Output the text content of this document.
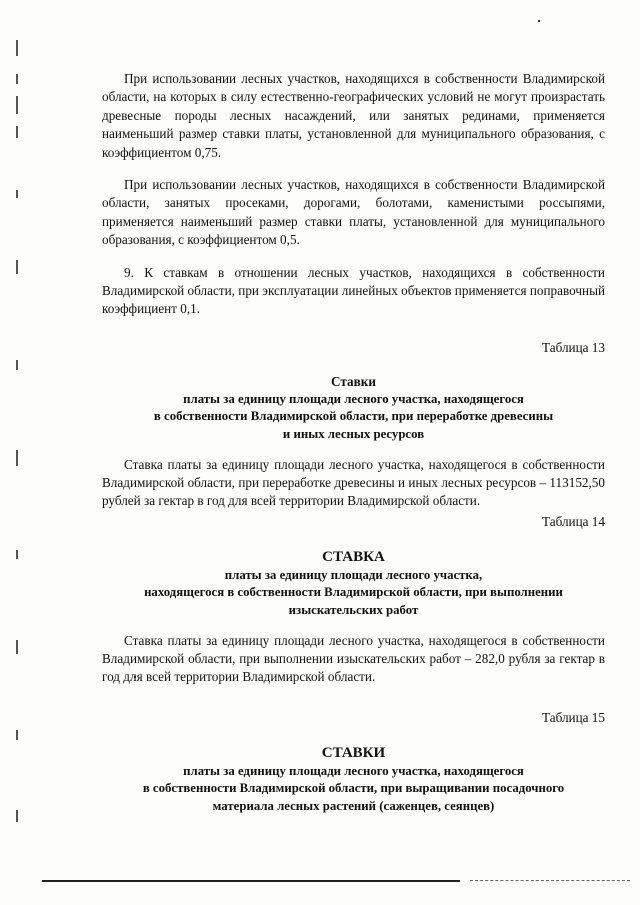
При использовании лесных участков, находящихся в собственности Владимирской области, на которых в силу естественно-географических условий не могут произрастать древесные породы лесных насаждений, или занятых рединами, применяется наименьший размер ставки платы, установленной для муниципального образования, с коэффициентом 0,75.

При использовании лесных участков, находящихся в собственности Владимирской области, занятых просеками, дорогами, болотами, каменистыми россыпями, применяется наименьший размер ставки платы, установленной для муниципального образования, с коэффициентом 0,5.

9. К ставкам в отношении лесных участков, находящихся в собственности Владимирской области, при эксплуатации линейных объектов применяется поправочный коэффициент 0,1.

Таблица 13

Ставки

платы за единицу площади лесного участка, находящегося

в собственности Владимирской области, при переработке древесины

и иных лесных ресурсов

Ставка платы за единицу площади лесного участка, находящегося в собственности Владимирской области, при переработке древесины и иных лесных ресурсов – 113152,50 рублей за гектар в год для всей территории Владимирской области.

Таблица 14

СТАВКА

платы за единицу площади лесного участка,

находящегося в собственности Владимирской области, при выполнении

изыскательских работ

Ставка платы за единицу площади лесного участка, находящегося в собственности Владимирской области, при выполнении изыскательских работ – 282,0 рубля за гектар в год для всей территории Владимирской области.

Таблица 15

СТАВКИ

платы за единицу площади лесного участка, находящегося

в собственности Владимирской области, при выращивании посадочного

материала лесных растений (саженцев, сеянцев)
